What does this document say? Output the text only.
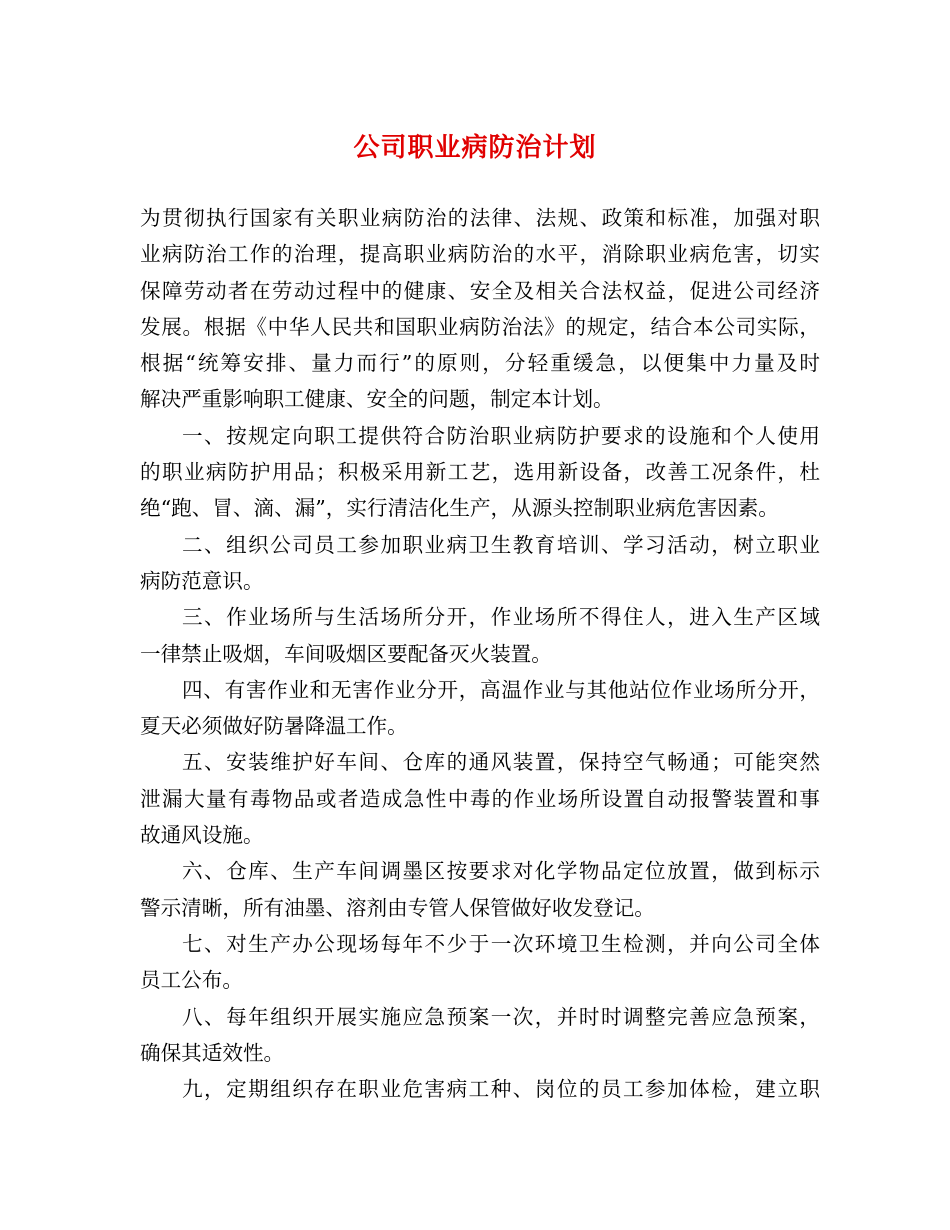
公司职业病防治计划
为贯彻执行国家有关职业病防治的法律、法规、政策和标准，加强对职
业病防治工作的治理，提高职业病防治的水平，消除职业病危害，切实
保障劳动者在劳动过程中的健康、安全及相关合法权益，促进公司经济
发展。根据《中华人民共和国职业病防治法》的规定，结合本公司实际，
根据“统筹安排、量力而行”的原则，分轻重缓急，以便集中力量及时
解决严重影响职工健康、安全的问题，制定本计划。
一、按规定向职工提供符合防治职业病防护要求的设施和个人使用
的职业病防护用品；积极采用新工艺，选用新设备，改善工况条件，杜
绝“跑、冒、滴、漏”，实行清洁化生产，从源头控制职业病危害因素。
二、组织公司员工参加职业病卫生教育培训、学习活动，树立职业
病防范意识。
三、作业场所与生活场所分开，作业场所不得住人，进入生产区域
一律禁止吸烟，车间吸烟区要配备灭火装置。
四、有害作业和无害作业分开，高温作业与其他站位作业场所分开，
夏天必须做好防暑降温工作。
五、安装维护好车间、仓库的通风装置，保持空气畅通；可能突然
泄漏大量有毒物品或者造成急性中毒的作业场所设置自动报警装置和事
故通风设施。
六、仓库、生产车间调墨区按要求对化学物品定位放置，做到标示
警示清晰，所有油墨、溶剂由专管人保管做好收发登记。
七、对生产办公现场每年不少于一次环境卫生检测，并向公司全体
员工公布。
八、每年组织开展实施应急预案一次，并时时调整完善应急预案，
确保其适效性。
九，定期组织存在职业危害病工种、岗位的员工参加体检，建立职
